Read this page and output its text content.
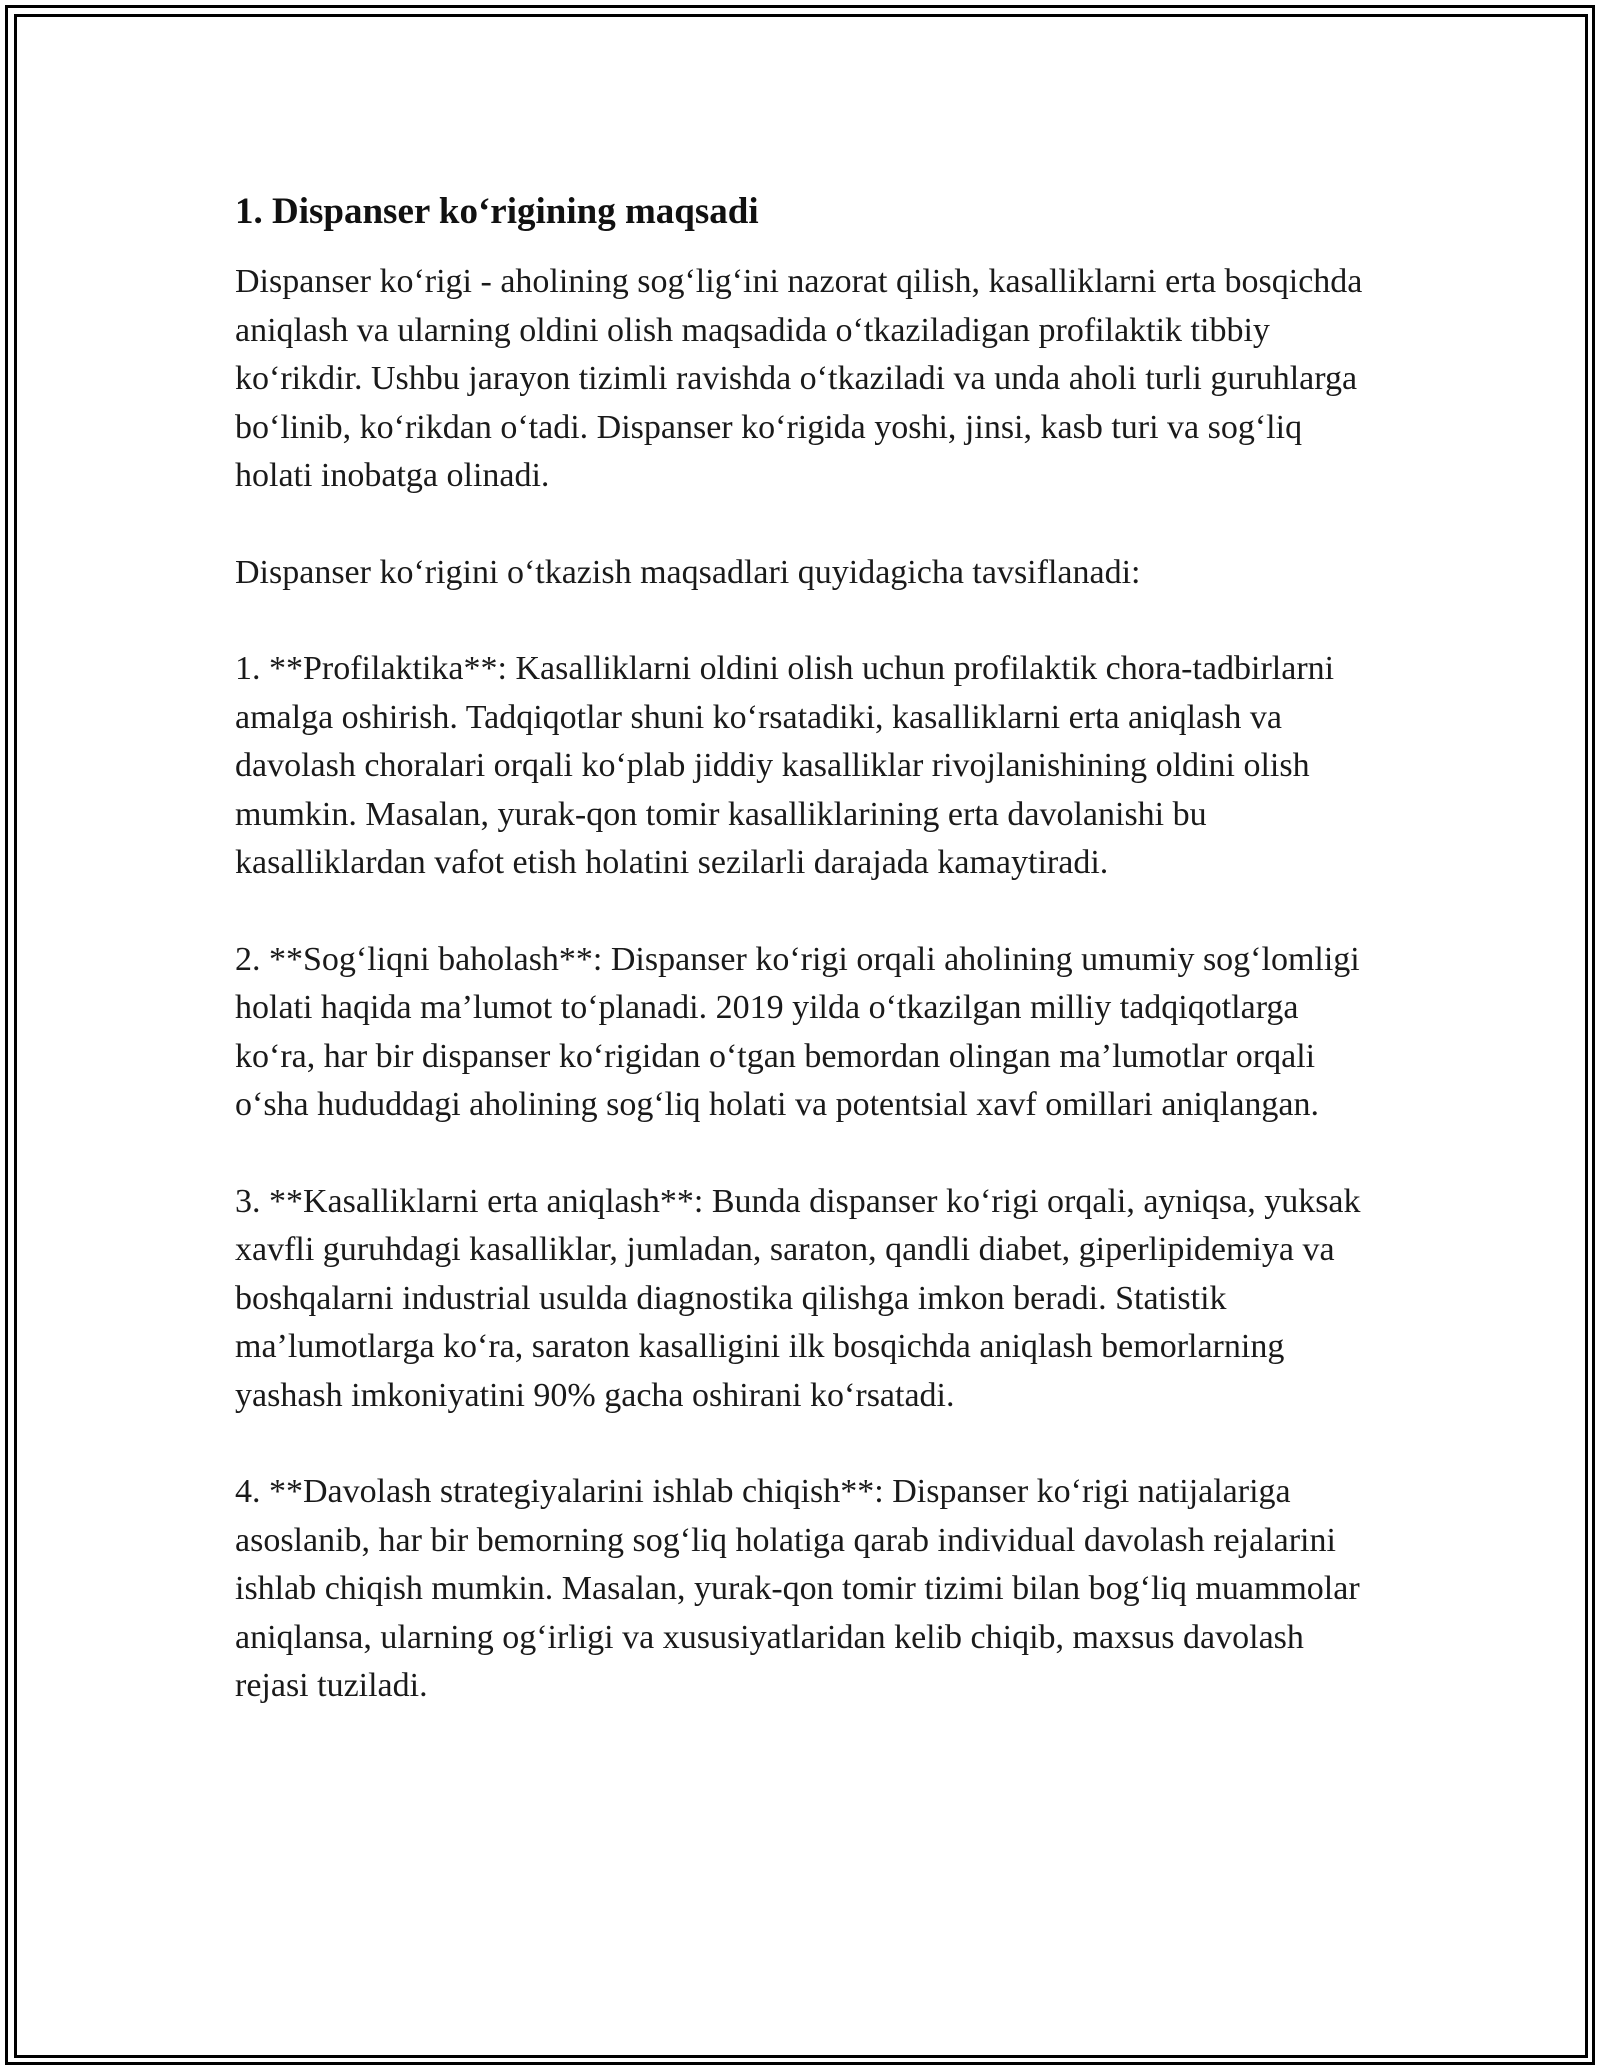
1. Dispanser ko‘rigining maqsadi

Dispanser ko‘rigi - aholining sog‘lig‘ini nazorat qilish, kasalliklarni erta bosqichda aniqlash va ularning oldini olish maqsadida o‘tkaziladigan profilaktik tibbiy ko‘rikdir. Ushbu jarayon tizimli ravishda o‘tkaziladi va unda aholi turli guruhlarga bo‘linib, ko‘rikdan o‘tadi. Dispanser ko‘rigida yoshi, jinsi, kasb turi va sog‘liq holati inobatga olinadi.

Dispanser ko‘rigini o‘tkazish maqsadlari quyidagicha tavsiflanadi:

1. **Profilaktika**: Kasalliklarni oldini olish uchun profilaktik chora-tadbirlarni amalga oshirish. Tadqiqotlar shuni ko‘rsatadiki, kasalliklarni erta aniqlash va davolash choralari orqali ko‘plab jiddiy kasalliklar rivojlanishining oldini olish mumkin. Masalan, yurak-qon tomir kasalliklarining erta davolanishi bu kasalliklardan vafot etish holatini sezilarli darajada kamaytiradi.

2. **Sog‘liqni baholash**: Dispanser ko‘rigi orqali aholining umumiy sog‘lomligi holati haqida ma’lumot to‘planadi. 2019 yilda o‘tkazilgan milliy tadqiqotlarga ko‘ra, har bir dispanser ko‘rigidan o‘tgan bemordan olingan ma’lumotlar orqali o‘sha hududdagi aholining sog‘liq holati va potentsial xavf omillari aniqlangan.

3. **Kasalliklarni erta aniqlash**: Bunda dispanser ko‘rigi orqali, ayniqsa, yuksak xavfli guruhdagi kasalliklar, jumladan, saraton, qandli diabet, giperlipidemiya va boshqalarni industrial usulda diagnostika qilishga imkon beradi. Statistik ma’lumotlarga ko‘ra, saraton kasalligini ilk bosqichda aniqlash bemorlarning yashash imkoniyatini 90% gacha oshirani ko‘rsatadi.

4. **Davolash strategiyalarini ishlab chiqish**: Dispanser ko‘rigi natijalariga asoslanib, har bir bemorning sog‘liq holatiga qarab individual davolash rejalarini ishlab chiqish mumkin. Masalan, yurak-qon tomir tizimi bilan bog‘liq muammolar aniqlansa, ularning og‘irligi va xususiyatlaridan kelib chiqib, maxsus davolash rejasi tuziladi.
